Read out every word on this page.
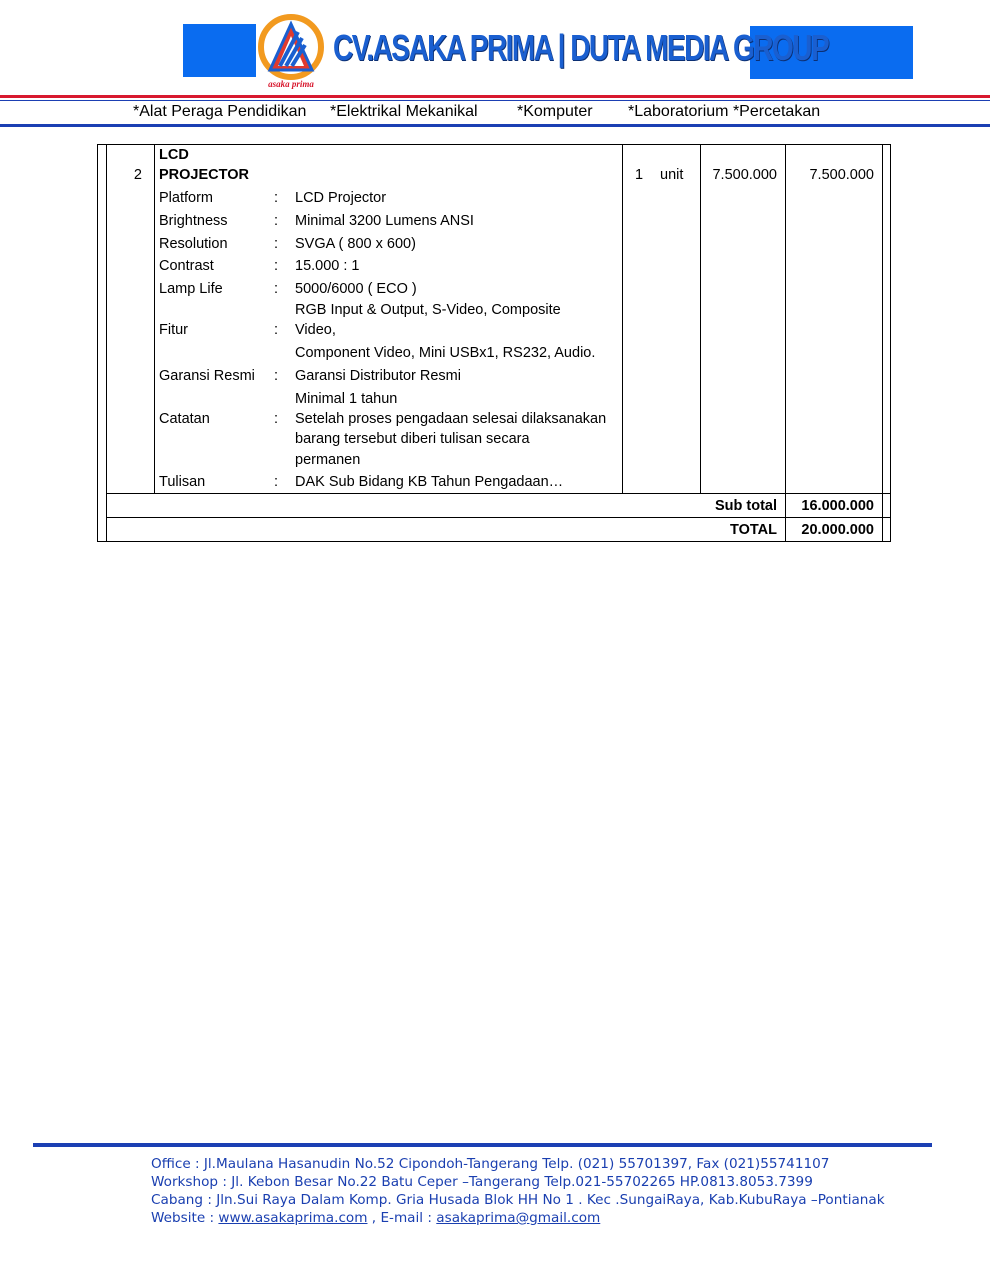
asaka prima
CV.ASAKA PRIMA | DUTA MEDIA GROUP
*Alat Peraga Pendidikan *Elektrikal Mekanikal *Komputer *Laboratorium *Percetakan
2
LCD
PROJECTOR	1 unit	7.500.000	7.500.000
Platform	: LCD Projector
Brightness	: Minimal 3200 Lumens ANSI
Resolution	: SVGA ( 800 x 600)
Contrast	: 15.000 : 1
Lamp Life	: 5000/6000 ( ECO )
RGB Input & Output, S-Video, Composite
Fitur	: Video,
Component Video, Mini USBx1, RS232, Audio.
Garansi Resmi : Garansi Distributor Resmi
Minimal 1 tahun
Catatan	: Setelah proses pengadaan selesai dilaksanakan
barang tersebut diberi tulisan secara
permanen
Tulisan	: DAK Sub Bidang KB Tahun Pengadaan…
Sub total	16.000.000
TOTAL	20.000.000
Office : Jl.Maulana Hasanudin No.52 Cipondoh-Tangerang Telp. (021) 55701397, Fax (021)55741107
Workshop : Jl. Kebon Besar No.22 Batu Ceper –Tangerang Telp.021-55702265 HP.0813.8053.7399
Cabang : Jln.Sui Raya Dalam Komp. Gria Husada Blok HH No 1 . Kec .SungaiRaya, Kab.KubuRaya –Pontianak
Website : www.asakaprima.com , E-mail : asakaprima@gmail.com
